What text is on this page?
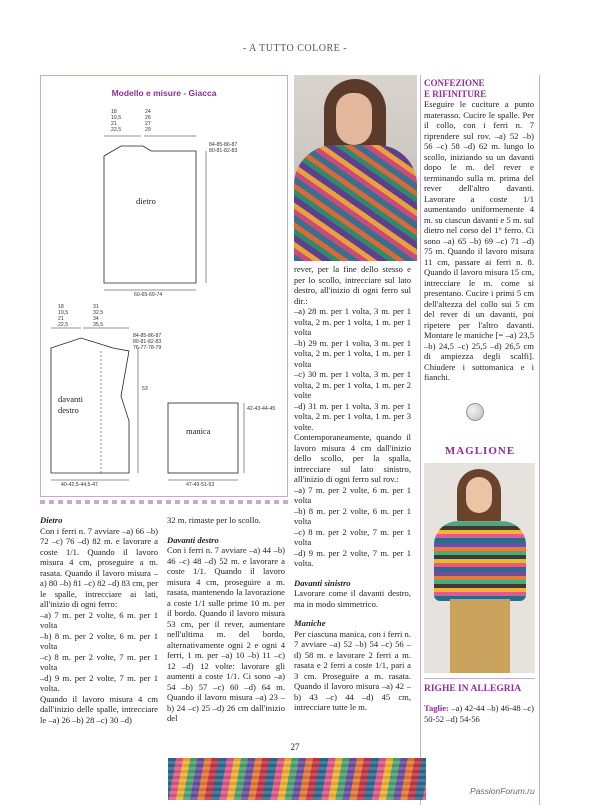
- A TUTTO COLORE -
Modello e misure - Giacca
18
19,5
21
22,5
24
26
27
29
84-85-86-87
80-81-82-83
dietro
60-65-69-74
18
19,5
21
22,5
31
32,5
34
35,5
84-85-86-87
80-81-82-83
76-77-78-79
53
davanti
destro
40-42,5-44,5-47
manica
42-43-44-45
47-49-51-53

Dietro

Con i ferri n. 7 avviare –a) 66 –b) 72 –c) 76 –d) 82 m. e lavorare a coste 1/1. Quando il lavoro misura 4 cm, proseguire a m. rasata. Quando il lavoro misura –a) 80 –b) 81 –c) 82 –d) 83 cm, per le spalle, intrecciare ai lati, all'inizio di ogni ferro:

–a) 7 m. per 2 volte, 6 m. per 1 volta

–b) 8 m. per 2 volte, 6 m. per 1 volta

–c) 8 m. per 2 volte, 7 m. per 1 volta

–d) 9 m. per 2 volte, 7 m. per 1 volta.

Quando il lavoro misura 4 cm dall'inizio delle spalle, intrecciare le –a) 26 –b) 28 –c) 30 –d)

32 m. rimaste per lo scollo.

Davanti destro

Con i ferri n. 7 avviare –a) 44 –b) 46 –c) 48 –d) 52 m. e lavorare a coste 1/1. Quando il lavoro misura 4 cm, proseguire a m. rasata, mantenendo la lavorazione a coste 1/1 sulle prime 10 m. per il bordo. Quando il lavoro misura 53 cm, per il rever, aumentare nell'ultima m. del bordo, alternativamente ogni 2 e ogni 4 ferri, 1 m. per –a) 10 –b) 11 –c) 12 –d) 12 volte: lavorare gli aumenti a coste 1/1. Ci sono –a) 54 –b) 57 –c) 60 –d) 64 m. Quando il lavoro misura –a) 23 –b) 24 –c) 25 –d) 26 cm dall'inizio del

rever, per la fine dello stesso e per lo scollo, intrecciare sul lato destro, all'inizio di ogni ferro sul dir.:

–a) 28 m. per 1 volta, 3 m. per 1 volta, 2 m. per 1 volta, 1 m. per 1 volta

–b) 29 m. per 1 volta, 3 m. per 1 volta, 2 m. per 1 volta, 1 m. per 1 volta

–c) 30 m. per 1 volta, 3 m. per 1 volta, 2 m. per 1 volta, 1 m. per 2 volte

–d) 31 m. per 1 volta, 3 m. per 1 volta, 2 m. per 1 volta, 1 m. per 3 volte.

Contemporaneamente, quando il lavoro misura 4 cm dall'inizio dello scollo, per la spalla, intrecciare sul lato sinistro, all'inizio di ogni ferro sul rov.:

–a) 7 m. per 2 volte, 6 m. per 1 volta

–b) 8 m. per 2 volte, 6 m. per 1 volta

–c) 8 m. per 2 volte, 7 m. per 1 volta

–d) 9 m. per 2 volte, 7 m. per 1 volta.

Davanti sinistro

Lavorare come il davanti destro, ma in modo simmetrico.

Maniche

Per ciascuna manica, con i ferri n. 7 avviare –a) 52 –b) 54 –c) 56 –d) 58 m. e lavorare 2 ferri a m. rasata e 2 ferri a coste 1/1, pari a 3 cm. Proseguire a m. rasata. Quando il lavoro misura –a) 42 –b) 43 –c) 44 –d) 45 cm, intrecciare tutte le m.

CONFEZIONE

E RIFINITURE

Eseguire le cuciture a punto materasso. Cucire le spalle. Per il collo, con i ferri n. 7 riprendere sul rov. –a) 52 –b) 56 –c) 58 –d) 62 m. lungo lo scollo, iniziando su un davanti dopo le m. del rever e terminando sulla m. prima del rever dell'altro davanti. Lavorare a coste 1/1 aumentando uniformemente 4 m. su ciascun davanti e 5 m. sul dietro nel corso del 1° ferro. Ci sono –a) 65 –b) 69 –c) 71 –d) 75 m. Quando il lavoro misura 11 cm, passare ai ferri n. 8. Quando il lavoro misura 15 cm, intrecciare le m. come si presentano. Cucire i primi 5 cm dell'altezza del collo sui 5 cm del rever di un davanti, poi ripetere per l'altro davanti. Montare le maniche [= –a) 23,5 –b) 24,5 –c) 25,5 –d) 26,5 cm di ampiezza degli scalfi]. Chiudere i sottomanica e i fianchi.

MAGLIONE
RIGHE IN ALLEGRIA
Taglie: –a) 42-44 –b) 46-48 –c) 50-52 –d) 54-56
27
PassionForum.ru
